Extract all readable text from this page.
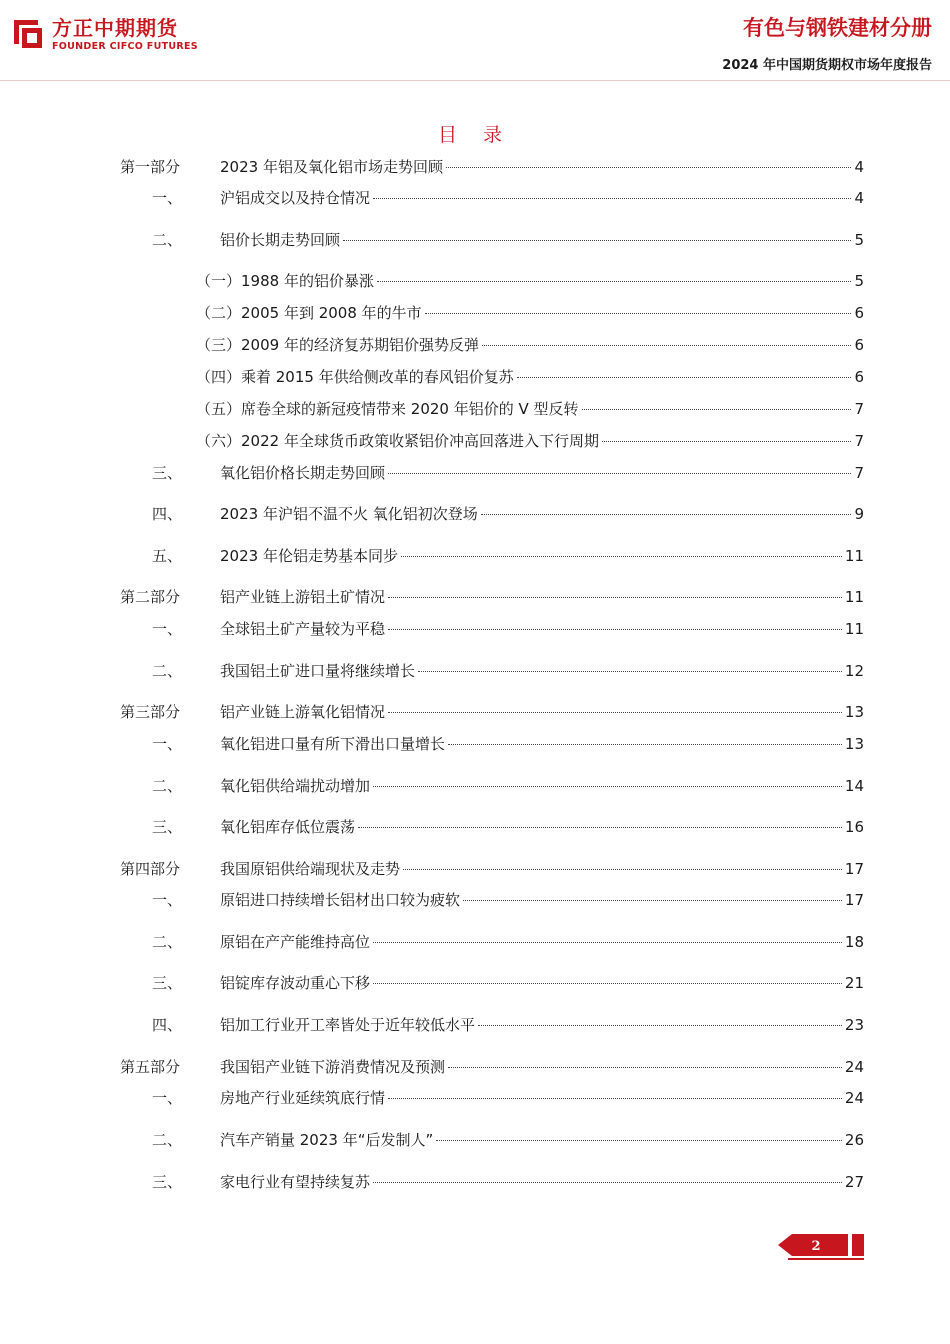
方正中期期货
FOUNDER CIFCO FUTURES
有色与钢铁建材分册
2024 年中国期货期权市场年度报告
目 录
第一部分	2023 年铝及氧化铝市场走势回顾	4
一、	沪铝成交以及持仓情况	4
二、	铝价长期走势回顾	5
（一）1988 年的铝价暴涨	5
（二）2005 年到 2008 年的牛市	6
（三）2009 年的经济复苏期铝价强势反弹	6
（四）乘着 2015 年供给侧改革的春风铝价复苏	6
（五）席卷全球的新冠疫情带来 2020 年铝价的 V 型反转	7
（六）2022 年全球货币政策收紧铝价冲高回落进入下行周期	7
三、	氧化铝价格长期走势回顾	7
四、	2023 年沪铝不温不火 氧化铝初次登场	9
五、	2023 年伦铝走势基本同步	11
第二部分	铝产业链上游铝土矿情况	11
一、	全球铝土矿产量较为平稳	11
二、	我国铝土矿进口量将继续增长	12
第三部分	铝产业链上游氧化铝情况	13
一、	氧化铝进口量有所下滑出口量增长	13
二、	氧化铝供给端扰动增加	14
三、	氧化铝库存低位震荡	16
第四部分	我国原铝供给端现状及走势	17
一、	原铝进口持续增长铝材出口较为疲软	17
二、	原铝在产产能维持高位	18
三、	铝锭库存波动重心下移	21
四、	铝加工行业开工率皆处于近年较低水平	23
第五部分	我国铝产业链下游消费情况及预测	24
一、	房地产行业延续筑底行情	24
二、	汽车产销量 2023 年“后发制人”	26
三、	家电行业有望持续复苏	27
2
